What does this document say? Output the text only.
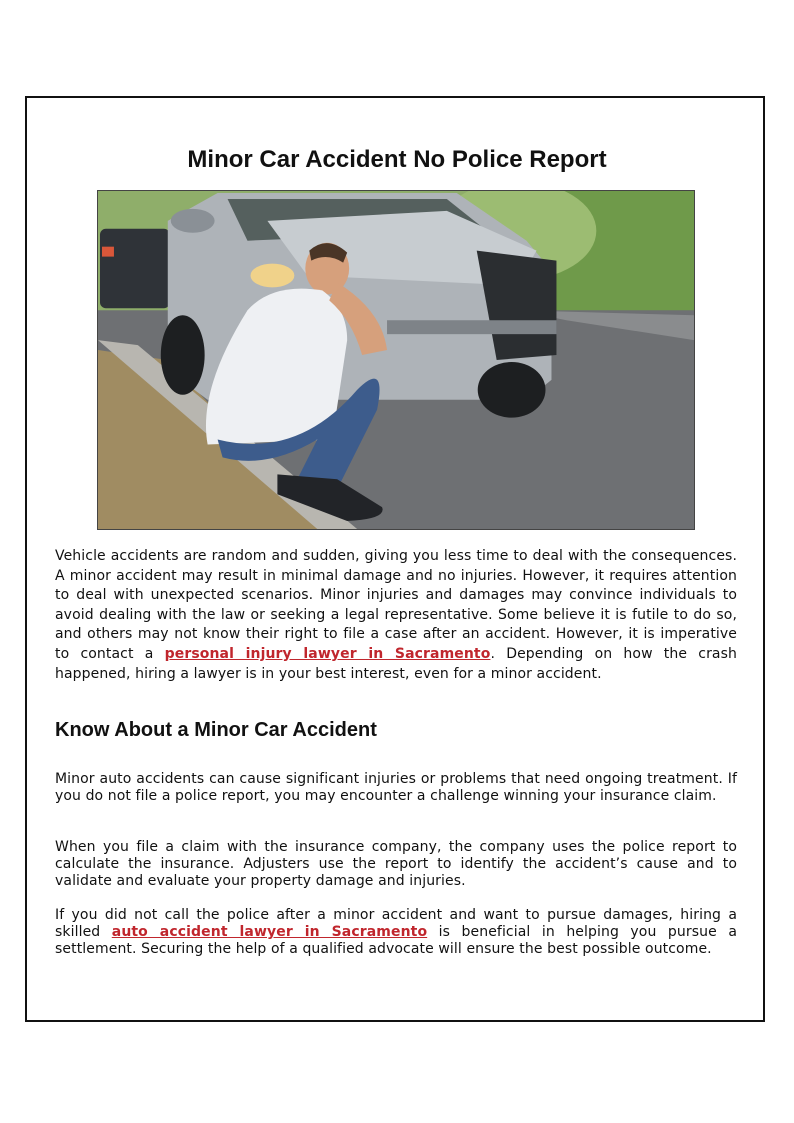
Minor Car Accident No Police Report

Vehicle accidents are random and sudden, giving you less time to deal with the consequences. A minor accident may result in minimal damage and no injuries. However, it requires attention to deal with unexpected scenarios. Minor injuries and damages may convince individuals to avoid dealing with the law or seeking a legal representative. Some believe it is futile to do so, and others may not know their right to file a case after an accident. However, it is imperative to contact a personal injury lawyer in Sacramento. Depending on how the crash happened, hiring a lawyer is in your best interest, even for a minor accident.

Know About a Minor Car Accident

Minor auto accidents can cause significant injuries or problems that need ongoing treatment. If you do not file a police report, you may encounter a challenge winning your insurance claim.

When you file a claim with the insurance company, the company uses the police report to calculate the insurance. Adjusters use the report to identify the accident’s cause and to validate and evaluate your property damage and injuries.

If you did not call the police after a minor accident and want to pursue damages, hiring a skilled auto accident lawyer in Sacramento is beneficial in helping you pursue a settlement. Securing the help of a qualified advocate will ensure the best possible outcome.
